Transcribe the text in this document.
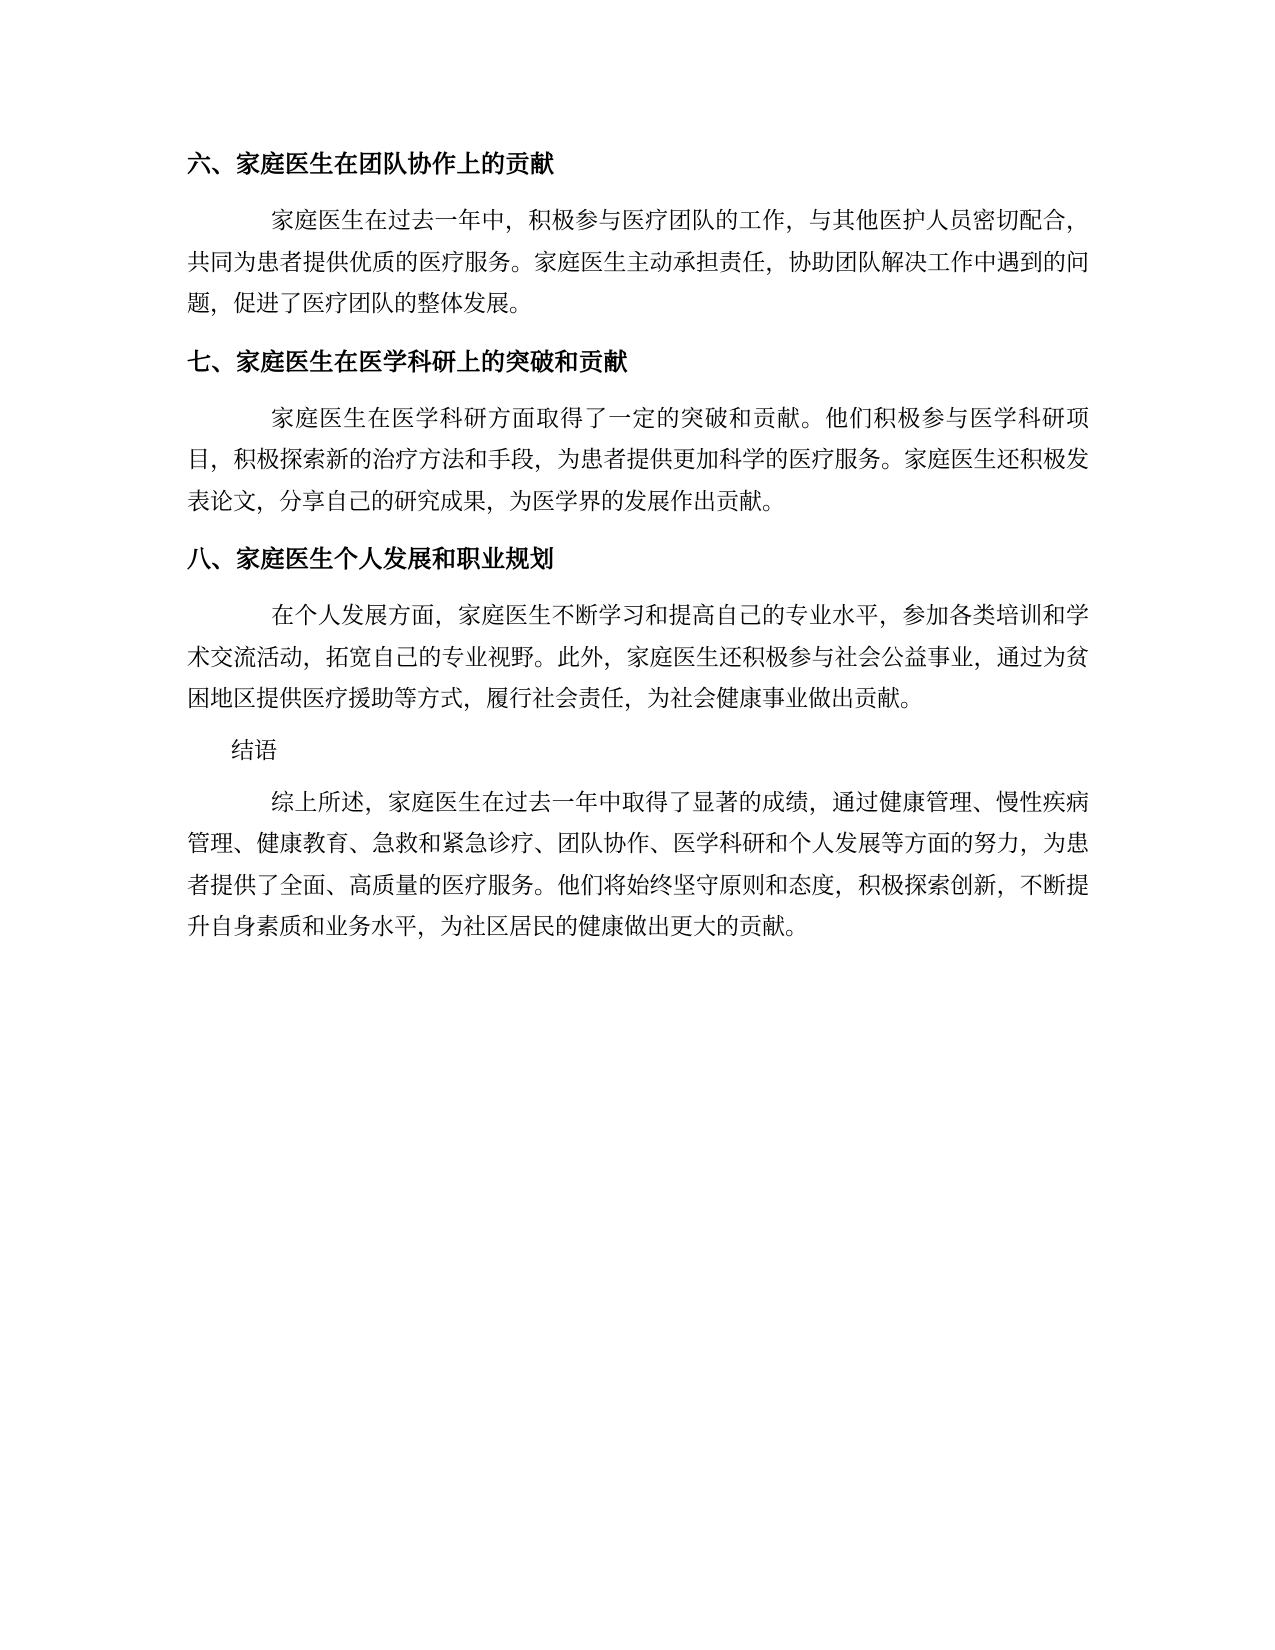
六、家庭医生在团队协作上的贡献

家庭医生在过去一年中，积极参与医疗团队的工作，与其他医护人员密切配合，共同为患者提供优质的医疗服务。家庭医生主动承担责任，协助团队解决工作中遇到的问题，促进了医疗团队的整体发展。

七、家庭医生在医学科研上的突破和贡献

家庭医生在医学科研方面取得了一定的突破和贡献。他们积极参与医学科研项目，积极探索新的治疗方法和手段，为患者提供更加科学的医疗服务。家庭医生还积极发表论文，分享自己的研究成果，为医学界的发展作出贡献。

八、家庭医生个人发展和职业规划

在个人发展方面，家庭医生不断学习和提高自己的专业水平，参加各类培训和学术交流活动，拓宽自己的专业视野。此外，家庭医生还积极参与社会公益事业，通过为贫困地区提供医疗援助等方式，履行社会责任，为社会健康事业做出贡献。

结语

综上所述，家庭医生在过去一年中取得了显著的成绩，通过健康管理、慢性疾病管理、健康教育、急救和紧急诊疗、团队协作、医学科研和个人发展等方面的努力，为患者提供了全面、高质量的医疗服务。他们将始终坚守原则和态度，积极探索创新，不断提升自身素质和业务水平，为社区居民的健康做出更大的贡献。
